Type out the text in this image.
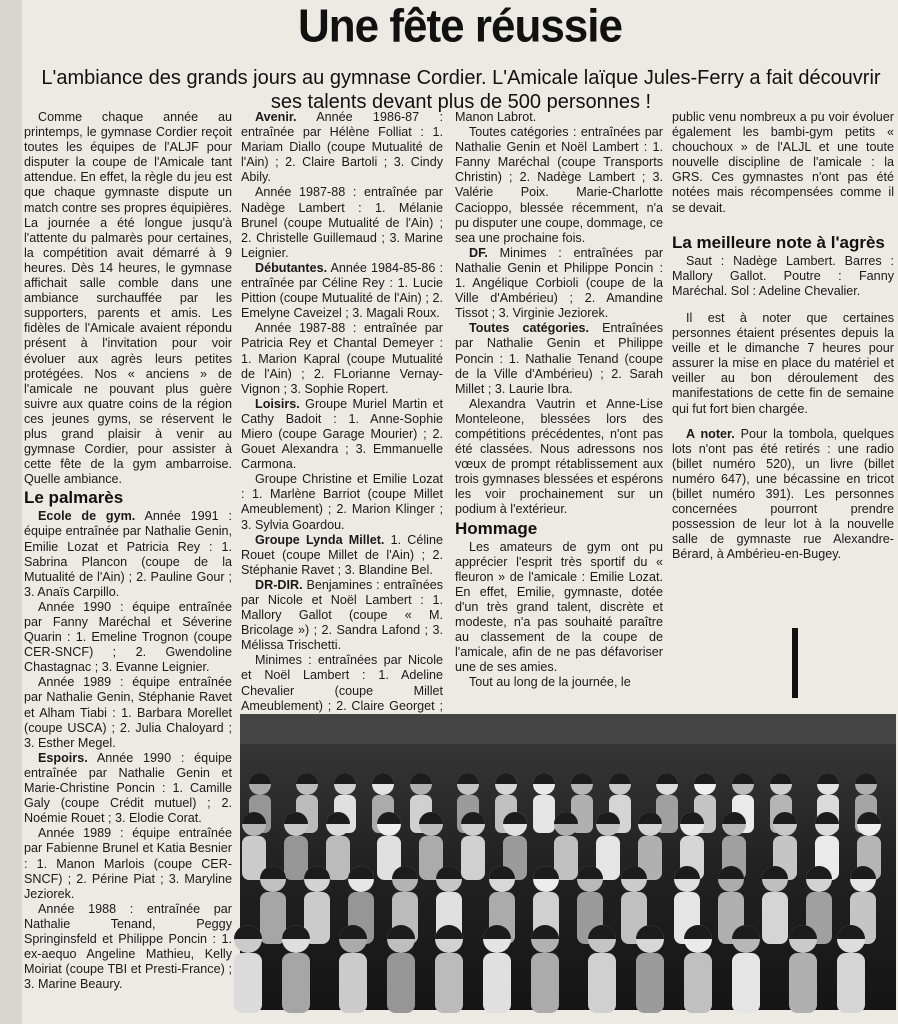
Une fête réussie
L'ambiance des grands jours au gymnase Cordier. L'Amicale laïque Jules-Ferry a fait découvrir ses talents devant plus de 500 personnes !

Comme chaque année au printemps, le gymnase Cordier reçoit toutes les équipes de l'ALJF pour disputer la coupe de l'Amicale tant attendue. En effet, la règle du jeu est que chaque gymnaste dispute un match contre ses propres équipières. La journée a été longue jusqu'à l'attente du palmarès pour certaines, la compétition avait démarré à 9 heures. Dès 14 heures, le gymnase affichait salle comble dans une ambiance surchauffée par les supporters, parents et amis. Les fidèles de l'Amicale avaient répondu présent à l'invitation pour voir évoluer aux agrès leurs petites protégées. Nos « anciens » de l'amicale ne pouvant plus guère suivre aux quatre coins de la région ces jeunes gyms, se réservent le plus grand plaisir à venir au gymnase Cordier, pour assister à cette fête de la gym ambarroise. Quelle ambiance.

Le palmarès

Ecole de gym. Année 1991 : équipe entraînée par Nathalie Genin, Emilie Lozat et Patricia Rey : 1. Sabrina Plancon (coupe de la Mutualité de l'Ain) ; 2. Pauline Gour ; 3. Anaïs Carpillo.

Année 1990 : équipe entraînée par Fanny Maréchal et Séverine Quarin : 1. Emeline Trognon (coupe CER-SNCF) ; 2. Gwendoline Chastagnac ; 3. Evanne Leignier.

Année 1989 : équipe entraînée par Nathalie Genin, Stéphanie Ravet et Alham Tiabi : 1. Barbara Morellet (coupe USCA) ; 2. Julia Chaloyard ; 3. Esther Megel.

Espoirs. Année 1990 : équipe entraînée par Nathalie Genin et Marie-Christine Poncin : 1. Camille Galy (coupe Crédit mutuel) ; 2. Noémie Rouet ; 3. Elodie Corat.

Année 1989 : équipe entraînée par Fabienne Brunel et Katia Besnier : 1. Manon Marlois (coupe CER-SNCF) ; 2. Périne Piat ; 3. Maryline Jeziorek.

Année 1988 : entraînée par Nathalie Tenand, Peggy Springinsfeld et Philippe Poncin : 1. ex-aequo Angeline Mathieu, Kelly Moiriat (coupe TBI et Presti-France) ; 3. Marine Beaury.

Avenir. Année 1986-87 : entraînée par Hélène Folliat : 1. Mariam Diallo (coupe Mutualité de l'Ain) ; 2. Claire Bartoli ; 3. Cindy Abily.

Année 1987-88 : entraînée par Nadège Lambert : 1. Mélanie Brunel (coupe Mutualité de l'Ain) ; 2. Christelle Guillemaud ; 3. Marine Leignier.

Débutantes. Année 1984-85-86 : entraînée par Céline Rey : 1. Lucie Pittion (coupe Mutualité de l'Ain) ; 2. Emelyne Caveizel ; 3. Magali Roux.

Année 1987-88 : entraînée par Patricia Rey et Chantal Demeyer : 1. Marion Kapral (coupe Mutualité de l'Ain) ; 2. FLorianne Vernay-Vignon ; 3. Sophie Ropert.

Loisirs. Groupe Muriel Martin et Cathy Badoit : 1. Anne-Sophie Miero (coupe Garage Mourier) ; 2. Gouet Alexandra ; 3. Emmanuelle Carmona.

Groupe Christine et Emilie Lozat : 1. Marlène Barriot (coupe Millet Ameublement) ; 2. Marion Klinger ; 3. Sylvia Goardou.

Groupe Lynda Millet. 1. Céline Rouet (coupe Millet de l'Ain) ; 2. Stéphanie Ravet ; 3. Blandine Bel.

DR-DIR. Benjamines : entraînées par Nicole et Noël Lambert : 1. Mallory Gallot (coupe « M. Bricolage ») ; 2. Sandra Lafond ; 3. Mélissa Trischetti.

Minimes : entraînées par Nicole et Noël Lambert : 1. Adeline Chevalier (coupe Millet Ameublement) ; 2. Claire Georget ;

Manon Labrot.

Toutes catégories : entraînées par Nathalie Genin et Noël Lambert : 1. Fanny Maréchal (coupe Transports Christin) ; 2. Nadège Lambert ; 3. Valérie Poix. Marie-Charlotte Cacioppo, blessée récemment, n'a pu disputer une coupe, dommage, ce sea une prochaine fois.

DF. Minimes : entraînées par Nathalie Genin et Philippe Poncin : 1. Angélique Corbioli (coupe de la Ville d'Ambérieu) ; 2. Amandine Tissot ; 3. Virginie Jeziorek.

Toutes catégories. Entraînées par Nathalie Genin et Philippe Poncin : 1. Nathalie Tenand (coupe de la Ville d'Ambérieu) ; 2. Sarah Millet ; 3. Laurie Ibra.

Alexandra Vautrin et Anne-Lise Monteleone, blessées lors des compétitions précédentes, n'ont pas été classées. Nous adressons nos vœux de prompt rétablissement aux trois gymnases blessées et espérons les voir prochainement sur un podium à l'extérieur.

Hommage

Les amateurs de gym ont pu apprécier l'esprit très sportif du « fleuron » de l'amicale : Emilie Lozat. En effet, Emilie, gymnaste, dotée d'un très grand talent, discrète et modeste, n'a pas souhaité paraître au classement de la coupe de l'amicale, afin de ne pas défavoriser une de ses amies.

Tout au long de la journée, le

public venu nombreux a pu voir évoluer également les bambi-gym petits « chouchoux » de l'ALJL et une toute nouvelle discipline de l'amicale : la GRS. Ces gymnastes n'ont pas été notées mais récompensées comme il se devait.

La meilleure note à l'agrès

Saut : Nadège Lambert. Barres : Mallory Gallot. Poutre : Fanny Maréchal. Sol : Adeline Chevalier.

Il est à noter que certaines personnes étaient présentes depuis la veille et le dimanche 7 heures pour assurer la mise en place du matériel et veiller au bon déroulement des manifestations de cette fin de semaine qui fut fort bien chargée.

A noter. Pour la tombola, quelques lots n'ont pas été retirés : une radio (billet numéro 520), un livre (billet numéro 647), une bécassine en tricot (billet numéro 391). Les personnes concernées pourront prendre possession de leur lot à la nouvelle salle de gymnaste rue Alexandre-Bérard, à Ambérieu-en-Bugey.
